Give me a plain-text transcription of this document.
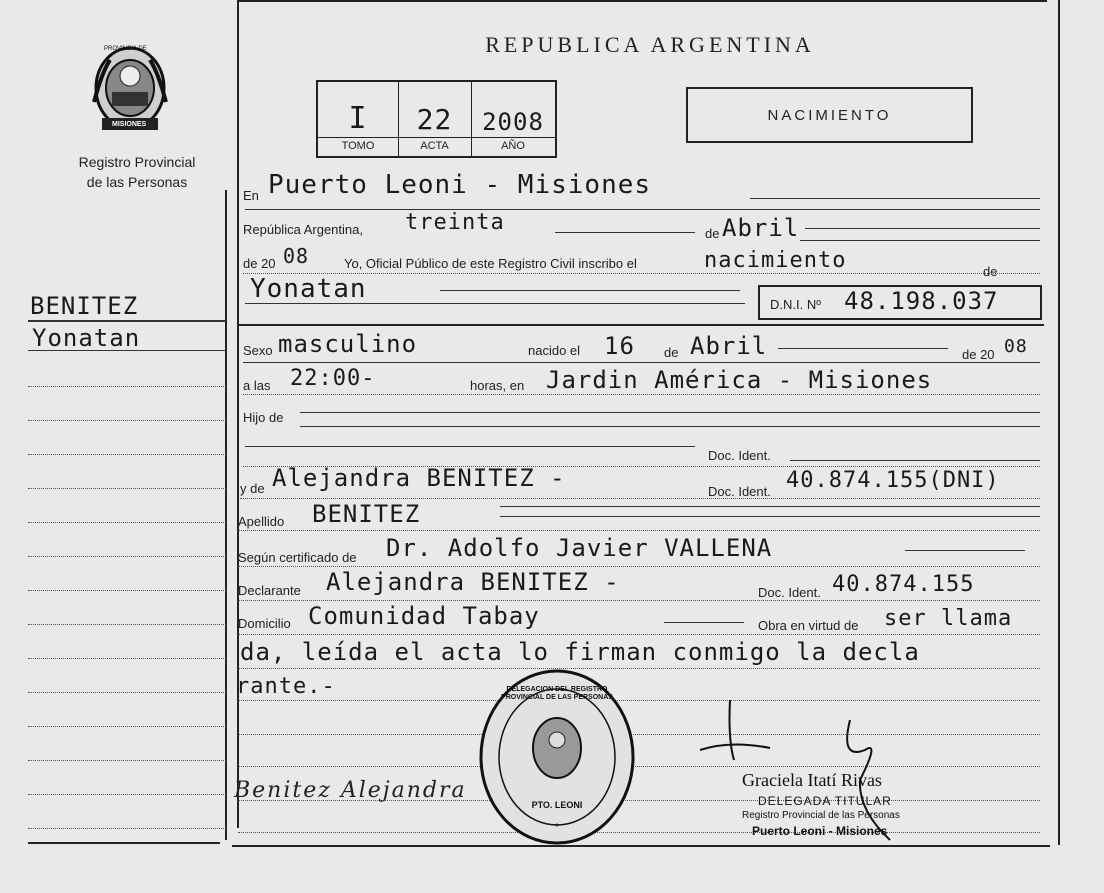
PROVINCIA DE
MISIONES
Registro Provincial
de las Personas
REPUBLICA ARGENTINA
I	22	2008
TOMO	ACTA	AÑO
NACIMIENTO
BENITEZ
Yonatan
En Puerto Leoni - Misiones
República Argentina, treinta	de Abril
de 20 08	Yo, Oficial Público de este Registro Civil inscribo el	nacimiento	de
Yonatan
D.N.I. Nº 48.198.037
Sexo masculino	nacido el 16 de Abril	de 20 08
a las 22:00-	horas, en Jardin América - Misiones
Hijo de
Doc. Ident.
y de Alejandra BENITEZ -	Doc. Ident. 40.874.155(DNI)
Apellido BENITEZ
Según certificado de Dr. Adolfo Javier VALLENA
Declarante Alejandra BENITEZ -	Doc. Ident. 40.874.155
Domicilio Comunidad Tabay	Obra en virtud de ser llama
da, leída el acta lo firman conmigo la decla
rante.-
Benitez Alejandra
*
DELEGACION DEL REGISTRO PROVINCIAL DE LAS PERSONAS
PTO. LEONI
Graciela Itatí Rivas
DELEGADA TITULAR
Registro Provincial de las Personas
Puerto Leoni - Misiones
